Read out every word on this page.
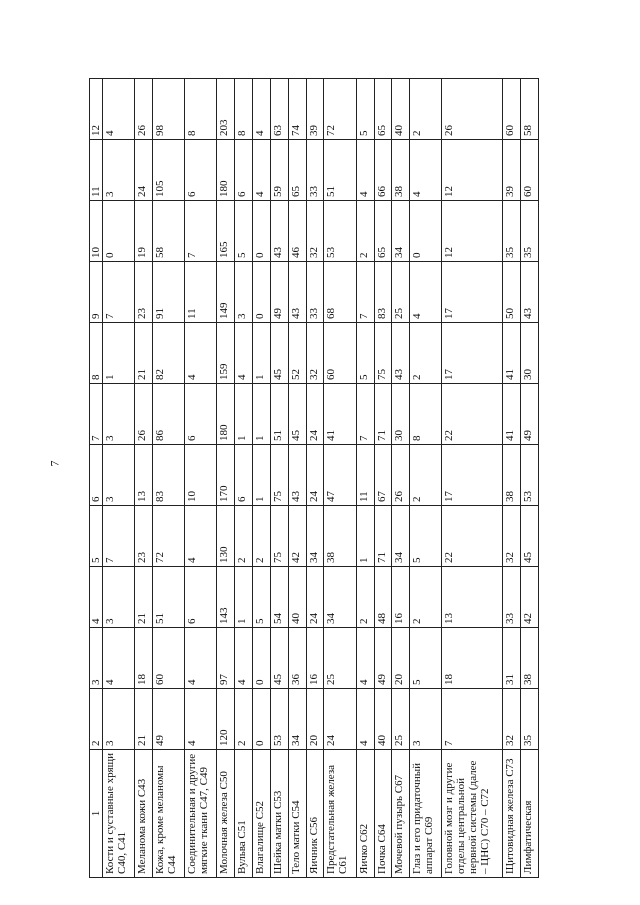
7
1	2	3	4	5	6	7	8	9	10	11	12
Кости и суставные хрящи C40, C41	3	4	3	7	3	3	1	7	0	3	4
Меланома кожи C43	21	18	21	23	13	26	21	23	19	24	26
Кожа, кроме меланомы C44	49	60	51	72	83	86	82	91	58	105	98
Соединительная и другие мягкие ткани C47, C49	4	4	6	4	10	6	4	11	7	6	8
Молочная железа C50	120	97	143	130	170	180	159	149	165	180	203
Вульва C51	2	4	1	2	6	1	4	3	5	6	8
Влагалище C52	0	0	5	2	1	1	1	0	0	4	4
Шейка матки C53	53	45	54	75	75	51	45	49	43	59	63
Тело матки C54	34	36	40	42	43	45	52	43	46	65	74
Яичник C56	20	16	24	34	24	24	32	33	32	33	39
Предстательная железа C61	24	25	34	38	47	41	60	68	53	51	72
Яичко C62	4	4	2	1	11	7	5	7	2	4	5
Почка C64	40	49	48	71	67	71	75	83	65	66	65
Мочевой пузырь C67	25	20	16	34	26	30	43	25	34	38	40
Глаз и его придаточный аппарат C69	3	5	2	5	2	8	2	4	0	4	2
Головной мозг и другие отделы центральной нервной системы (далее – ЦНС) C70 – C72	7	18	13	22	17	22	17	17	12	12	26
Щитовидная железа C73	32	31	33	32	38	41	41	50	35	39	60
Лимфатическая	35	38	42	45	53	49	30	43	35	60	58
